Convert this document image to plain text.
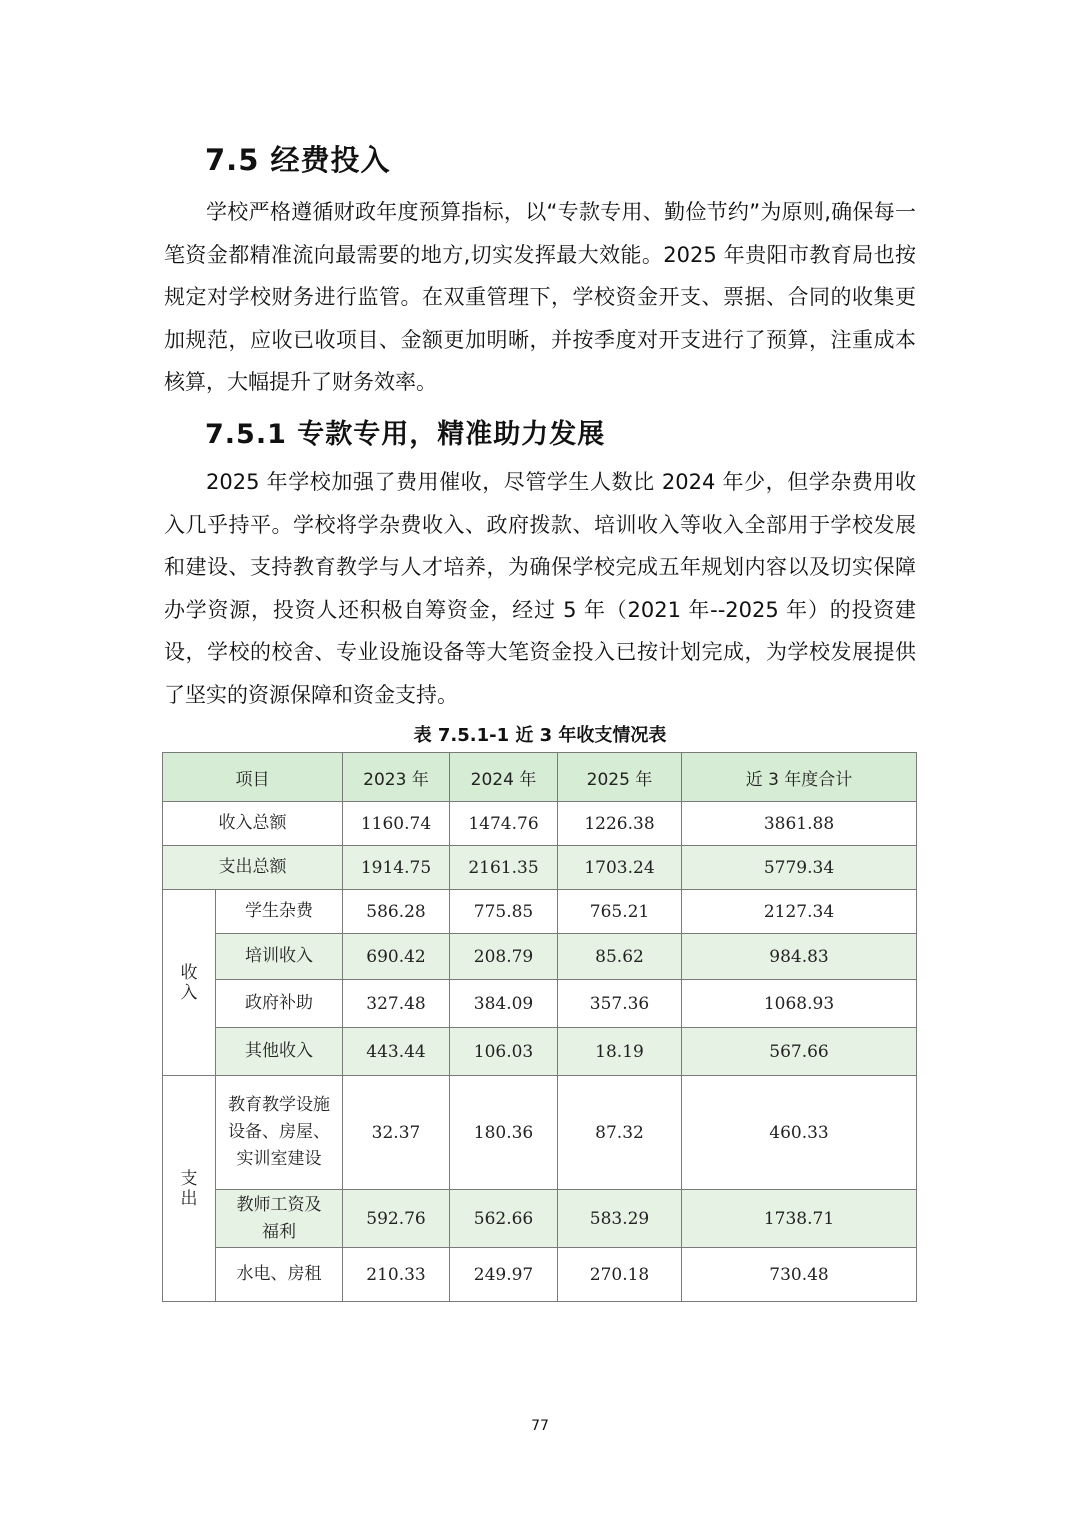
7.5 经费投入

学校严格遵循财政年度预算指标，以“专款专用、勤俭节约”为原则,确保每一笔资金都精准流向最需要的地方,切实发挥最大效能。2025 年贵阳市教育局也按规定对学校财务进行监管。在双重管理下，学校资金开支、票据、合同的收集更加规范，应收已收项目、金额更加明晰，并按季度对开支进行了预算，注重成本核算，大幅提升了财务效率。

7.5.1 专款专用，精准助力发展

2025 年学校加强了费用催收，尽管学生人数比 2024 年少，但学杂费用收入几乎持平。学校将学杂费收入、政府拨款、培训收入等收入全部用于学校发展和建设、支持教育教学与人才培养，为确保学校完成五年规划内容以及切实保障办学资源，投资人还积极自筹资金，经过 5 年（2021 年--2025 年）的投资建设，学校的校舍、专业设施设备等大笔资金投入已按计划完成，为学校发展提供了坚实的资源保障和资金支持。

表 7.5.1-1 近 3 年收支情况表
项目		2023 年	2024 年	2025 年	近 3 年度合计
收入总额		1160.74	1474.76	1226.38	3861.88
支出总额		1914.75	2161.35	1703.24	5779.34
收入	学生杂费	586.28	775.85	765.21	2127.34
	培训收入	690.42	208.79	85.62	984.83
	政府补助	327.48	384.09	357.36	1068.93
	其他收入	443.44	106.03	18.19	567.66
支出	教育教学设施设备、房屋、实训室建设	32.37	180.36	87.32	460.33
	教师工资及福利	592.76	562.66	583.29	1738.71
	水电、房租	210.33	249.97	270.18	730.48
77
